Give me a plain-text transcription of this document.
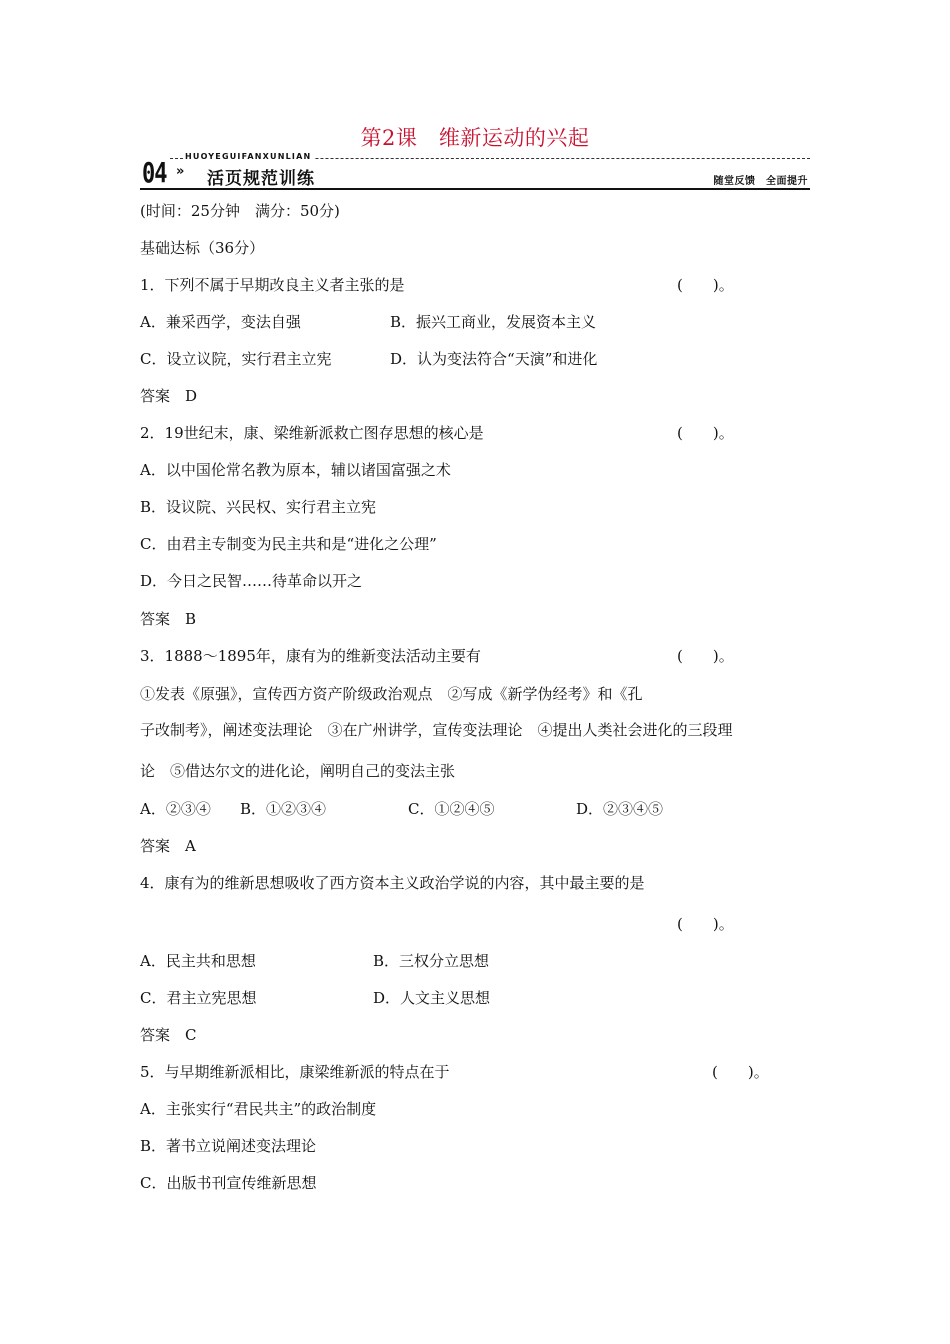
第2课　维新运动的兴起
HUOYEGUIFANXUNLIAN
04 » 活页规范训练	随堂反馈　全面提升
(时间：25分钟　满分：50分)
基础达标（36分）
1．下列不属于早期改良主义者主张的是	(　　)。
A．兼采西学，变法自强	B．振兴工商业，发展资本主义
C．设立议院，实行君主立宪	D．认为变法符合“天演”和进化
答案　D
2．19世纪末，康、梁维新派救亡图存思想的核心是	(　　)。
A．以中国伦常名教为原本，辅以诸国富强之术
B．设议院、兴民权、实行君主立宪
C．由君主专制变为民主共和是“进化之公理”
D．今日之民智……待革命以开之
答案　B
3．1888～1895年，康有为的维新变法活动主要有	(　　)。
①发表《原强》，宣传西方资产阶级政治观点　②写成《新学伪经考》和《孔
子改制考》，阐述变法理论　③在广州讲学，宣传变法理论　④提出人类社会进化的三段理
论　⑤借达尔文的进化论，阐明自己的变法主张
A．②③④ B．①②③④	C．①②④⑤	D．②③④⑤
答案　A
4．康有为的维新思想吸收了西方资本主义政治学说的内容，其中最主要的是
(　　)。
A．民主共和思想	B．三权分立思想
C．君主立宪思想	D．人文主义思想
答案　C
5．与早期维新派相比，康梁维新派的特点在于	(　　)。
A．主张实行“君民共主”的政治制度
B．著书立说阐述变法理论
C．出版书刊宣传维新思想
